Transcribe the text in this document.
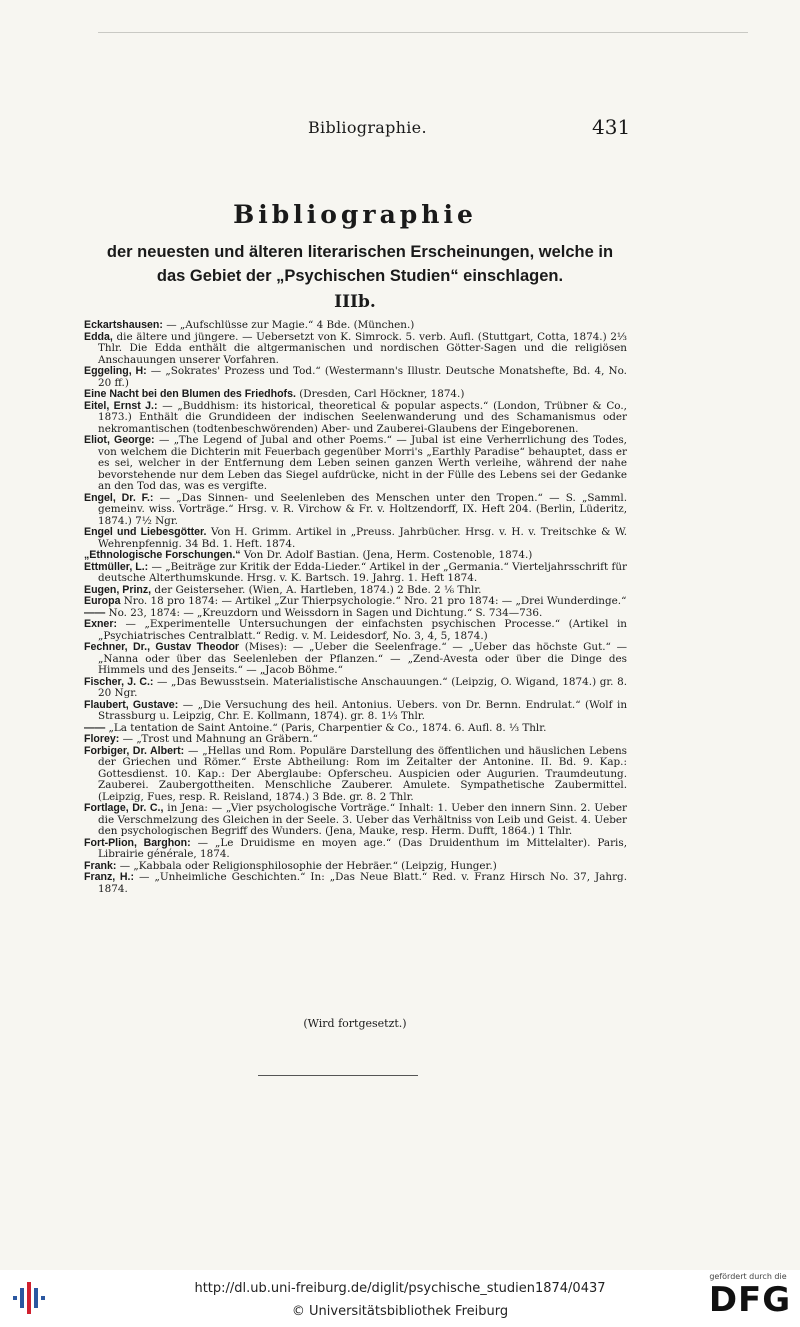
Bibliographie.	431
Bibliographie
der neuesten und älteren literarischen Erscheinungen, welche in
das Gebiet der „Psychischen Studien“ einschlagen.
IIIb.

Eckartshausen: — „Aufschlüsse zur Magie.“ 4 Bde. (München.)

Edda, die ältere und jüngere. — Uebersetzt von K. Simrock. 5. verb. Aufl. (Stuttgart, Cotta, 1874.) 2⅓ Thlr. Die Edda enthält die altgermanischen und nordischen Götter-Sagen und die religiösen Anschauungen unserer Vorfahren.

Eggeling, H: — „Sokrates' Prozess und Tod.“ (Westermann's Illustr. Deutsche Monatshefte, Bd. 4, No. 20 ff.)

Eine Nacht bei den Blumen des Friedhofs. (Dresden, Carl Höckner, 1874.)

Eitel, Ernst J.: — „Buddhism: its historical, theoretical & popular aspects.“ (London, Trübner & Co., 1873.) Enthält die Grundideen der indischen Seelenwanderung und des Schamanismus oder nekromantischen (todtenbeschwörenden) Aber- und Zauberei-Glaubens der Eingeborenen.

Eliot, George: — „The Legend of Jubal and other Poems.“ — Jubal ist eine Verherrlichung des Todes, von welchem die Dichterin mit Feuerbach gegenüber Morri's „Earthly Paradise“ behauptet, dass er es sei, welcher in der Entfernung dem Leben seinen ganzen Werth verleihe, während der nahe bevorstehende nur dem Leben das Siegel aufdrücke, nicht in der Fülle des Lebens sei der Gedanke an den Tod das, was es vergifte.

Engel, Dr. F.: — „Das Sinnen- und Seelenleben des Menschen unter den Tropen.“ — S. „Samml. gemeinv. wiss. Vorträge.“ Hrsg. v. R. Virchow & Fr. v. Holtzendorff, IX. Heft 204. (Berlin, Lüderitz, 1874.) 7½ Ngr.

Engel und Liebesgötter. Von H. Grimm. Artikel in „Preuss. Jahrbücher. Hrsg. v. H. v. Treitschke & W. Wehrenpfennig. 34 Bd. 1. Heft. 1874.

„Ethnologische Forschungen.“ Von Dr. Adolf Bastian. (Jena, Herm. Costenoble, 1874.)

Ettmüller, L.: — „Beiträge zur Kritik der Edda-Lieder.“ Artikel in der „Germania.“ Vierteljahrsschrift für deutsche Alterthumskunde. Hrsg. v. K. Bartsch. 19. Jahrg. 1. Heft 1874.

Eugen, Prinz, der Geisterseher. (Wien, A. Hartleben, 1874.) 2 Bde. 2 ⅙ Thlr.

Europa Nro. 18 pro 1874: — Artikel „Zur Thierpsychologie.“ Nro. 21 pro 1874: — „Drei Wunderdinge.“

—— No. 23, 1874: — „Kreuzdorn und Weissdorn in Sagen und Dichtung.“ S. 734—736.

Exner: — „Experimentelle Untersuchungen der einfachsten psychischen Processe.“ (Artikel in „Psychiatrisches Centralblatt.“ Redig. v. M. Leidesdorf, No. 3, 4, 5, 1874.)

Fechner, Dr., Gustav Theodor (Mises): — „Ueber die Seelenfrage.“ — „Ueber das höchste Gut.“ — „Nanna oder über das Seelenleben der Pflanzen.“ — „Zend-Avesta oder über die Dinge des Himmels und des Jenseits.“ — „Jacob Böhme.“

Fischer, J. C.: — „Das Bewusstsein. Materialistische Anschauungen.“ (Leipzig, O. Wigand, 1874.) gr. 8. 20 Ngr.

Flaubert, Gustave: — „Die Versuchung des heil. Antonius. Uebers. von Dr. Bernn. Endrulat.“ (Wolf in Strassburg u. Leipzig, Chr. E. Kollmann, 1874). gr. 8. 1⅓ Thlr.

—— „La tentation de Saint Antoine.“ (Paris, Charpentier & Co., 1874. 6. Aufl. 8. ⅓ Thlr.

Florey: — „Trost und Mahnung an Gräbern.“

Forbiger, Dr. Albert: — „Hellas und Rom. Populäre Darstellung des öffentlichen und häuslichen Lebens der Griechen und Römer.“ Erste Abtheilung: Rom im Zeitalter der Antonine. II. Bd. 9. Kap.: Gottesdienst. 10. Kap.: Der Aberglaube: Opferscheu. Auspicien oder Augurien. Traumdeutung. Zauberei. Zaubergottheiten. Menschliche Zauberer. Amulete. Sympathetische Zaubermittel. (Leipzig, Fues, resp. R. Reisland, 1874.) 3 Bde. gr. 8. 2 Thlr.

Fortlage, Dr. C., in Jena: — „Vier psychologische Vorträge.“ Inhalt: 1. Ueber den innern Sinn. 2. Ueber die Verschmelzung des Gleichen in der Seele. 3. Ueber das Verhältniss von Leib und Geist. 4. Ueber den psychologischen Begriff des Wunders. (Jena, Mauke, resp. Herm. Dufft, 1864.) 1 Thlr.

Fort-Plion, Barghon: — „Le Druidisme en moyen age.“ (Das Druidenthum im Mittelalter). Paris, Librairie générale, 1874.

Frank: — „Kabbala oder Religionsphilosophie der Hebräer.“ (Leipzig, Hunger.)

Franz, H.: — „Unheimliche Geschichten.“ In: „Das Neue Blatt.“ Red. v. Franz Hirsch No. 37, Jahrg. 1874.

(Wird fortgesetzt.)
http://dl.ub.uni-freiburg.de/diglit/psychische_studien1874/0437
© Universitätsbibliothek Freiburg
gefördert durch die
DFG
